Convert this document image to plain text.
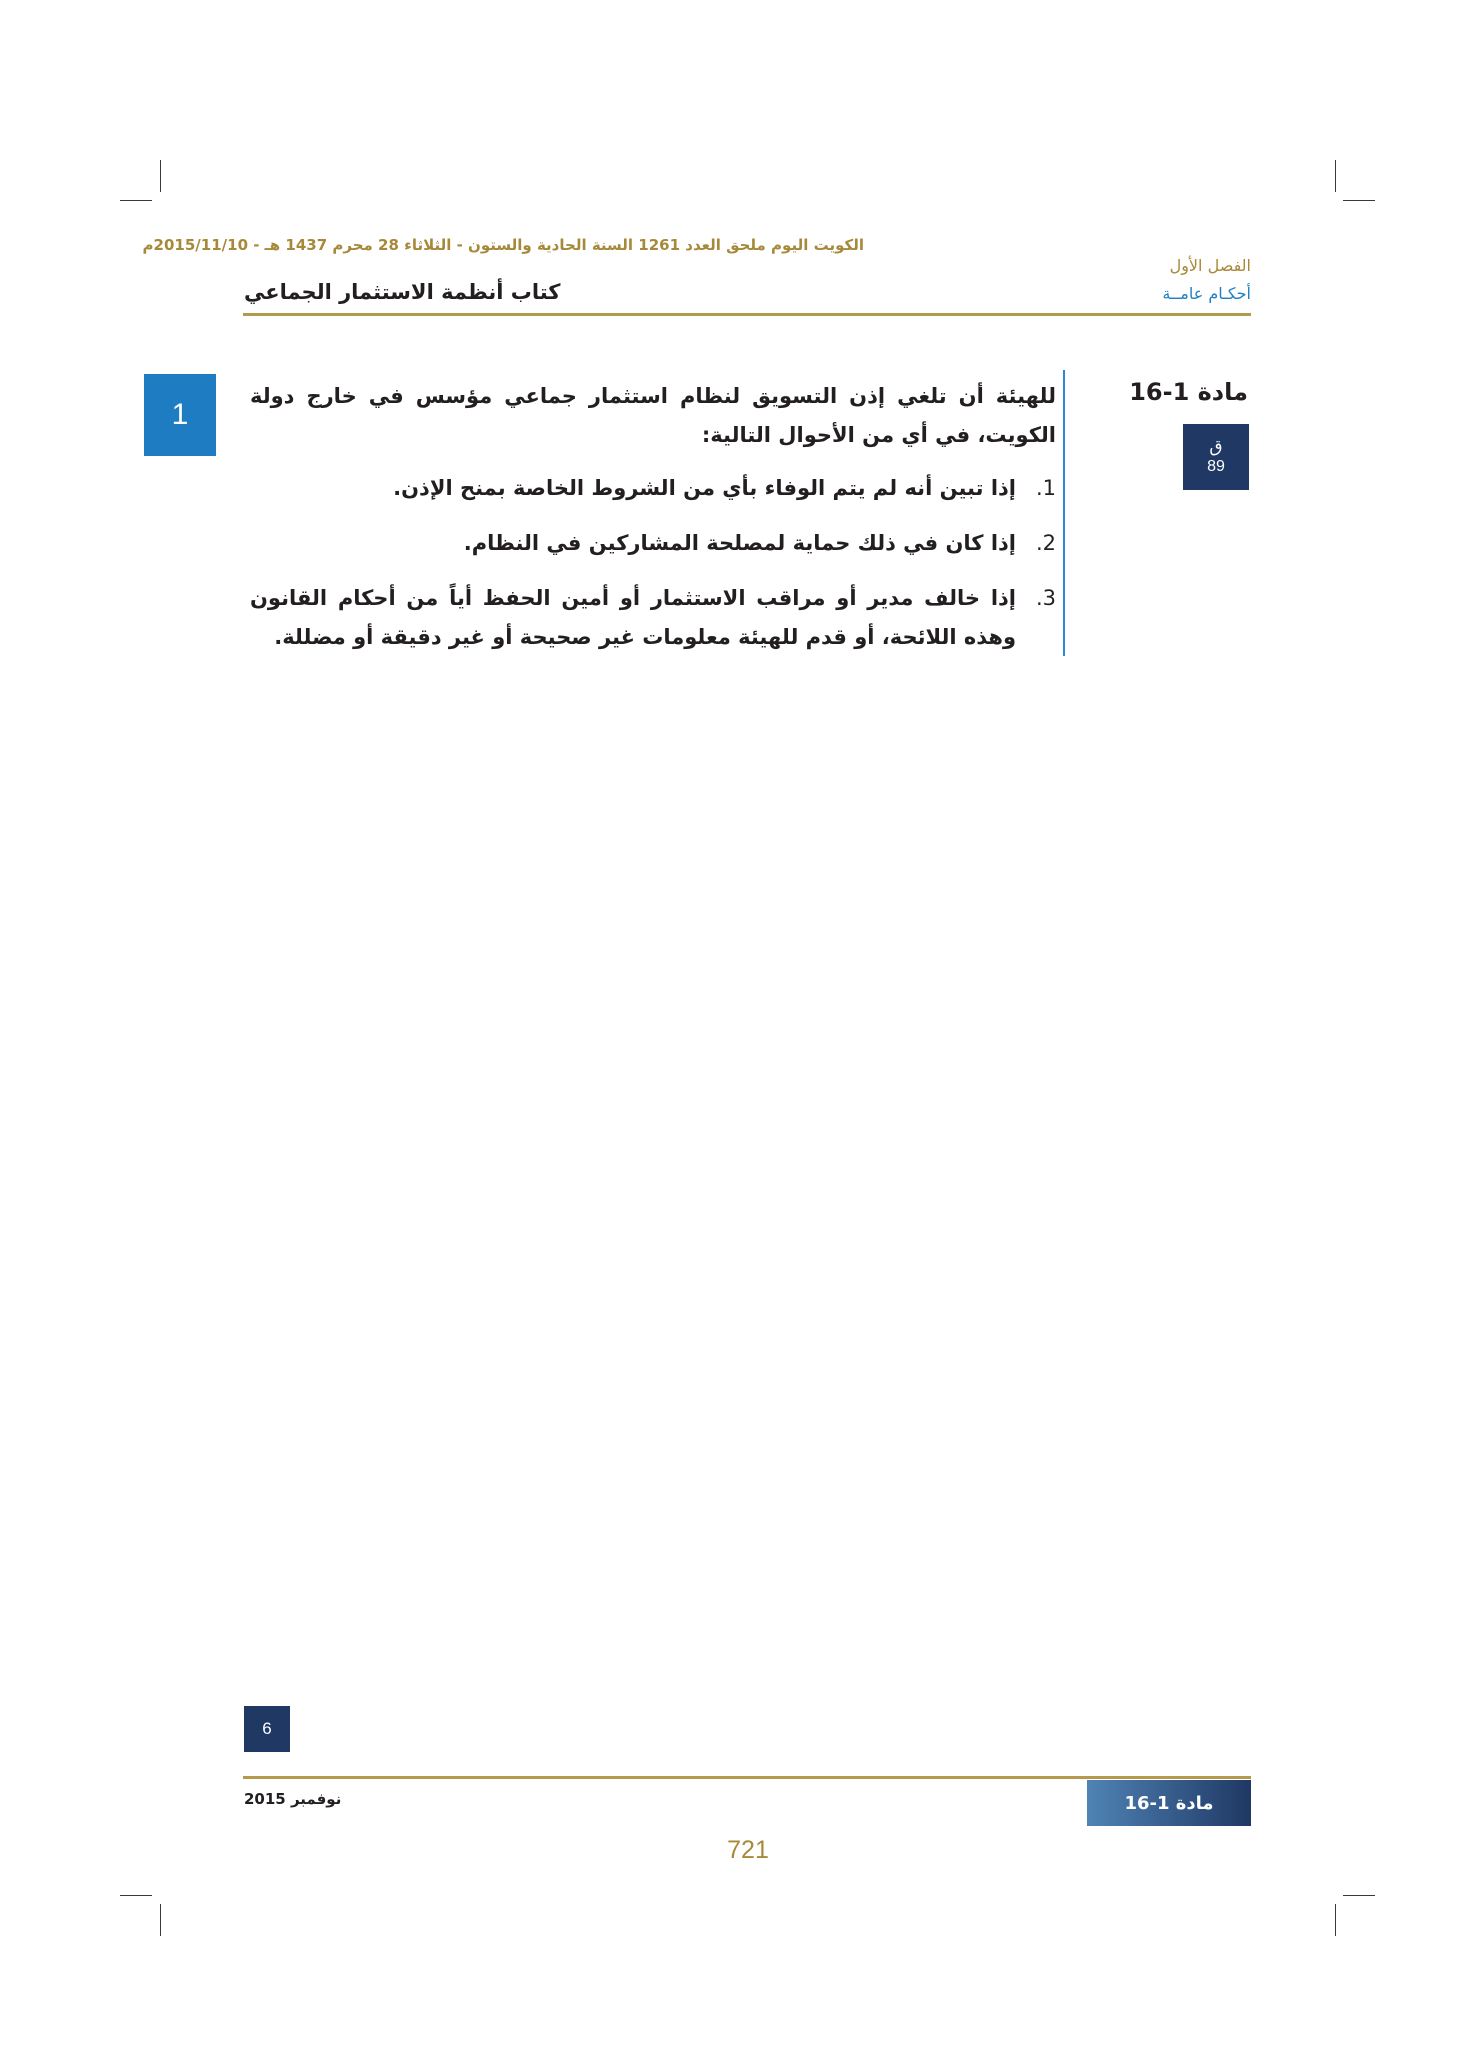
الكويت اليوم ملحق العدد 1261 السنة الحادية والستون - الثلاثاء 28 محرم 1437 هـ - 2015/11/10م
الفصل الأول
أحكـام عامــة
كتاب أنظمة الاستثمار الجماعي
1
مادة 1-16
ق
89

للهيئة أن تلغي إذن التسويق لنظام استثمار جماعي مؤسس في خارج دولة الكويت، في أي من الأحوال التالية:

1.
إذا تبين أنه لم يتم الوفاء بأي من الشروط الخاصة بمنح الإذن.
2.
إذا كان في ذلك حماية لمصلحة المشاركين في النظام.
3.
إذا خالف مدير أو مراقب الاستثمار أو أمين الحفظ أياً من أحكام القانون وهذه اللائحة، أو قدم للهيئة معلومات غير صحيحة أو غير دقيقة أو مضللة.
6
نوفمبر 2015	مادة 1-16
721
